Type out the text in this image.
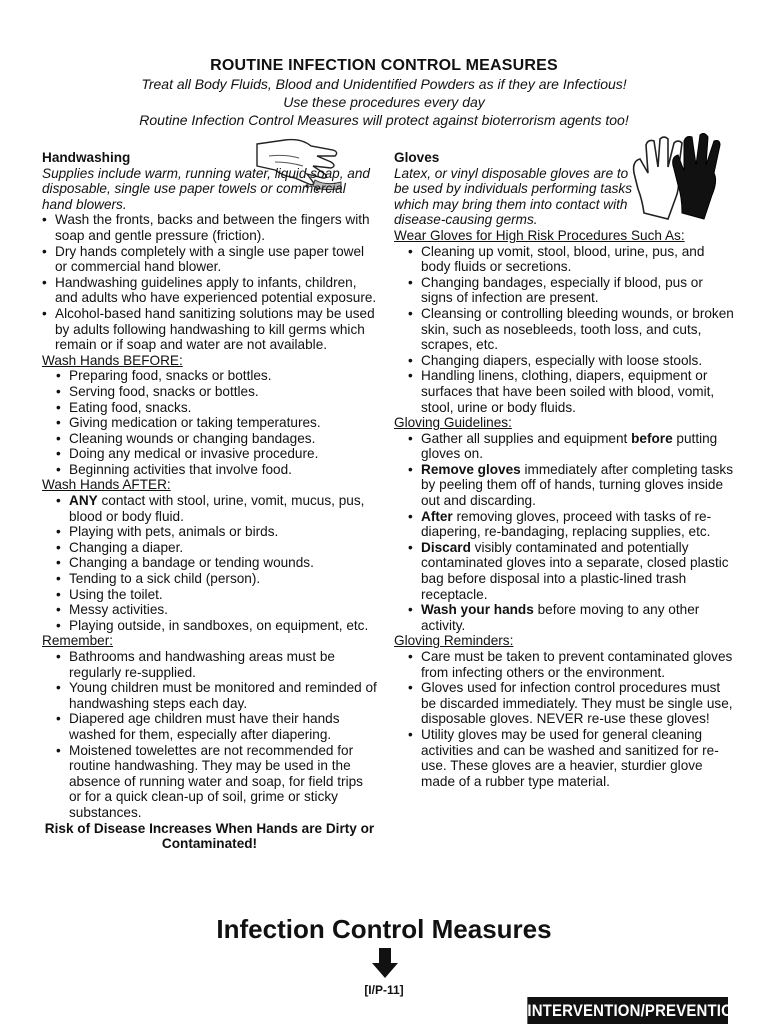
ROUTINE INFECTION CONTROL MEASURES

Treat all Body Fluids, Blood and Unidentified Powders as if they are Infectious!

Use these procedures every day

Routine Infection Control Measures will protect against bioterrorism agents too!

Handwashing

Supplies include warm, running water, liquid soap, and disposable, single use paper towels or commercial hand blowers.

• Wash the fronts, backs and between the fingers with soap and gentle pressure (friction).
• Dry hands completely with a single use paper towel or commercial hand blower.
• Handwashing guidelines apply to infants, children, and adults who have experienced potential exposure.
• Alcohol-based hand sanitizing solutions may be used by adults following handwashing to kill germs which remain or if soap and water are not available.

Wash Hands BEFORE:

• Preparing food, snacks or bottles.
• Serving food, snacks or bottles.
• Eating food, snacks.
• Giving medication or taking temperatures.
• Cleaning wounds or changing bandages.
• Doing any medical or invasive procedure.
• Beginning activities that involve food.

Wash Hands AFTER:

• ANY contact with stool, urine, vomit, mucus, pus, blood or body fluid.
• Playing with pets, animals or birds.
• Changing a diaper.
• Changing a bandage or tending wounds.
• Tending to a sick child (person).
• Using the toilet.
• Messy activities.
• Playing outside, in sandboxes, on equipment, etc.

Remember:

• Bathrooms and handwashing areas must be regularly re-supplied.
• Young children must be monitored and reminded of handwashing steps each day.
• Diapered age children must have their hands washed for them, especially after diapering.
• Moistened towelettes are not recommended for routine handwashing. They may be used in the absence of running water and soap, for field trips or for a quick clean-up of soil, grime or sticky substances.

Risk of Disease Increases When Hands are Dirty or Contaminated!

Gloves

Latex, or vinyl disposable gloves are to be used by individuals performing tasks which may bring them into contact with disease-causing germs.

Wear Gloves for High Risk Procedures Such As:

• Cleaning up vomit, stool, blood, urine, pus, and body fluids or secretions.
• Changing bandages, especially if blood, pus or signs of infection are present.
• Cleansing or controlling bleeding wounds, or broken skin, such as nosebleeds, tooth loss, and cuts, scrapes, etc.
• Changing diapers, especially with loose stools.
• Handling linens, clothing, diapers, equipment or surfaces that have been soiled with blood, vomit, stool, urine or body fluids.

Gloving Guidelines:

• Gather all supplies and equipment before putting gloves on.
• Remove gloves immediately after completing tasks by peeling them off of hands, turning gloves inside out and discarding.
• After removing gloves, proceed with tasks of re-diapering, re-bandaging, replacing supplies, etc.
• Discard visibly contaminated and potentially contaminated gloves into a separate, closed plastic bag before disposal into a plastic-lined trash receptacle.
• Wash your hands before moving to any other activity.

Gloving Reminders:

• Care must be taken to prevent contaminated gloves from infecting others or the environment.
• Gloves used for infection control procedures must be discarded immediately. They must be single use, disposable gloves. NEVER re-use these gloves!
• Utility gloves may be used for general cleaning activities and can be washed and sanitized for re-use. These gloves are a heavier, sturdier glove made of a rubber type material.

Infection Control Measures

[I/P-11]
INTERVENTION/PREVENTION
